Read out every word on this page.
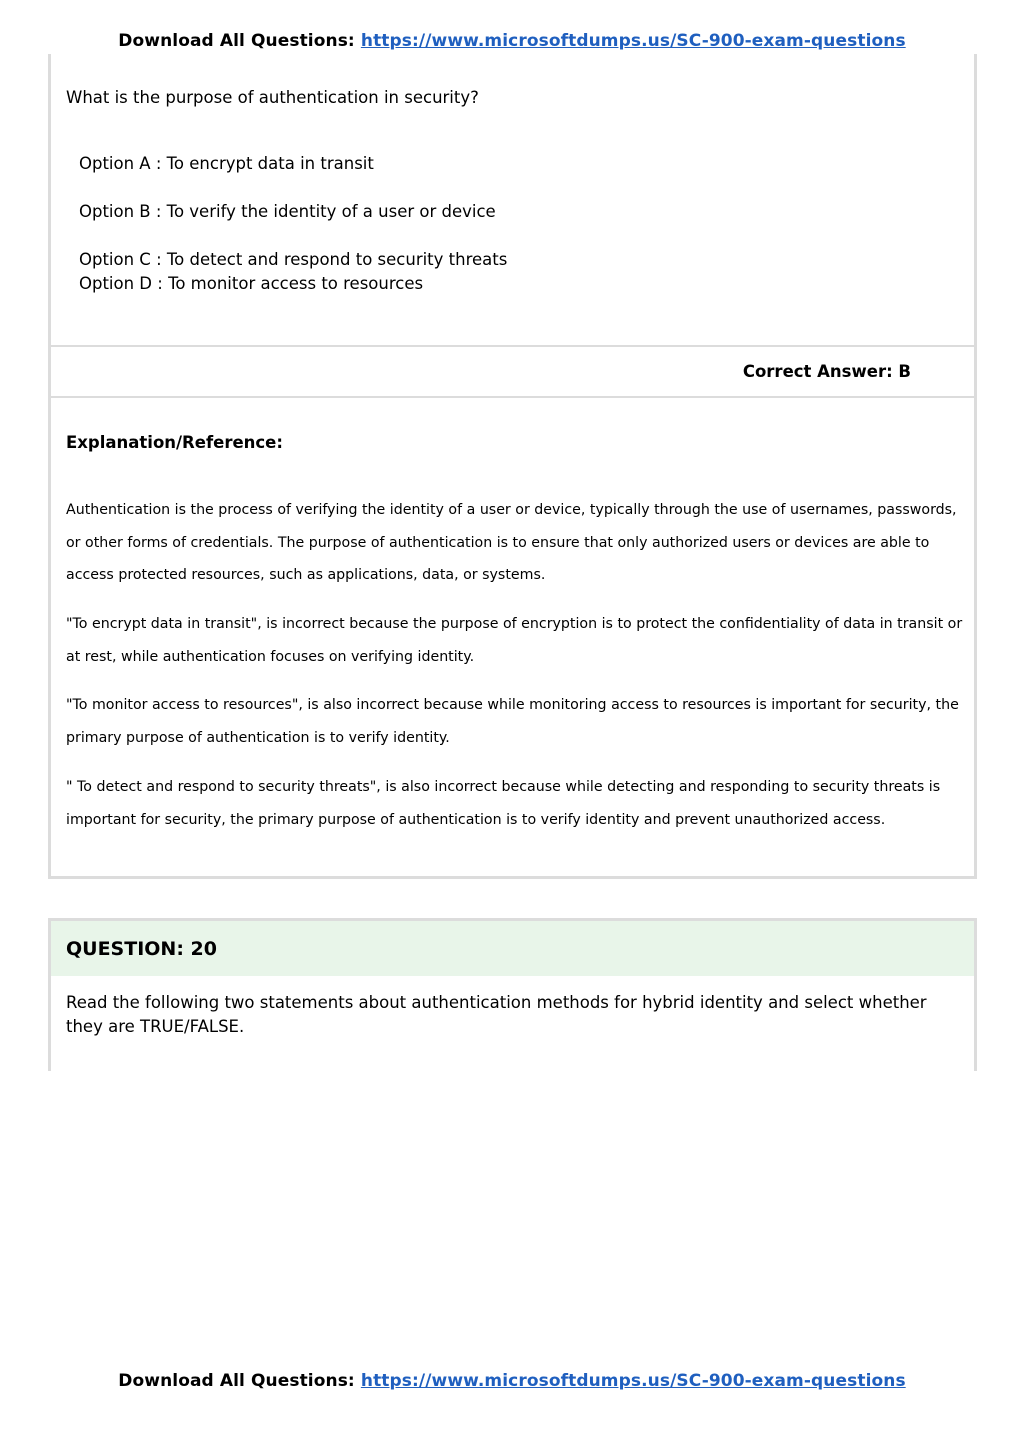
Download All Questions: https://www.microsoftdumps.us/SC-900-exam-questions
What is the purpose of authentication in security?
Option A : To encrypt data in transit
Option B : To verify the identity of a user or device
Option C : To detect and respond to security threats
Option D : To monitor access to resources
Correct Answer: B
Explanation/Reference:
Authentication is the process of verifying the identity of a user or device, typically through the use of usernames, passwords, or other forms of credentials. The purpose of authentication is to ensure that only authorized users or devices are able to access protected resources, such as applications, data, or systems.
"To encrypt data in transit", is incorrect because the purpose of encryption is to protect the confidentiality of data in transit or at rest, while authentication focuses on verifying identity.
"To monitor access to resources", is also incorrect because while monitoring access to resources is important for security, the primary purpose of authentication is to verify identity.
" To detect and respond to security threats", is also incorrect because while detecting and responding to security threats is important for security, the primary purpose of authentication is to verify identity and prevent unauthorized access.
QUESTION: 20
Read the following two statements about authentication methods for hybrid identity and select whether they are TRUE/FALSE.
Download All Questions: https://www.microsoftdumps.us/SC-900-exam-questions
